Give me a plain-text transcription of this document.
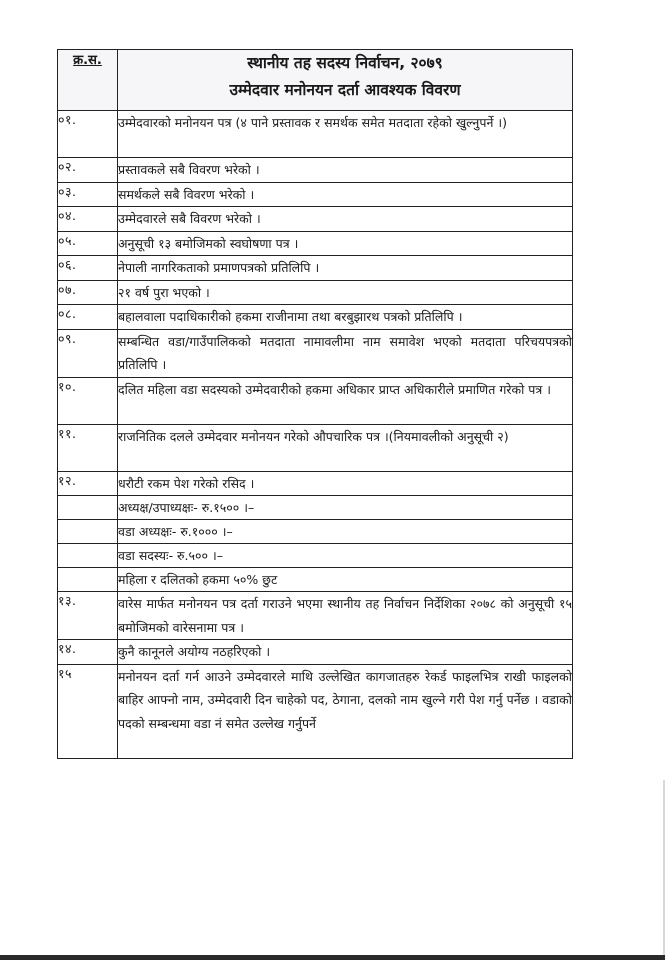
क्र.स.	स्थानीय तह सदस्य निर्वाचन, २०७९
उम्मेदवार मनोनयन दर्ता आवश्यक विवरण

०१.	उम्मेदवारको मनोनयन पत्र (४ पाने प्रस्तावक र समर्थक समेत मतदाता रहेको खुल्नुपर्ने ।)
०२.	प्रस्तावकले सबै विवरण भरेको ।
०३.	समर्थकले सबै विवरण भरेको ।
०४.	उम्मेदवारले सबै विवरण भरेको ।
०५.	अनुसूची १३ बमोजिमको स्वघोषणा पत्र ।
०६.	नेपाली नागरिकताको प्रमाणपत्रको प्रतिलिपि ।
०७.	२१ वर्ष पुरा भएको ।
०८.	बहालवाला पदाधिकारीको हकमा राजीनामा तथा बरबुझारथ पत्रको प्रतिलिपि ।
०९.	सम्बन्धित वडा/गाउँपालिकको मतदाता नामावलीमा नाम समावेश भएको मतदाता परिचयपत्रको प्रतिलिपि ।
१०.	दलित महिला वडा सदस्यको उम्मेदवारीको हकमा अधिकार प्राप्त अधिकारीले प्रमाणित गरेको पत्र ।
११.	राजनितिक दलले उम्मेदवार मनोनयन गरेको औपचारिक पत्र ।(नियमावलीको अनुसूची २)
१२.	धरौटी रकम पेश गरेको रसिद ।
	अध्यक्ष/उपाध्यक्षः- रु.१५०० ।–
	वडा अध्यक्षः- रु.१००० ।–
	वडा सदस्यः- रु.५०० ।–
	महिला र दलितको हकमा ५०% छुट
१३.	वारेस मार्फत मनोनयन पत्र दर्ता गराउने भएमा स्थानीय तह निर्वाचन निर्देशिका २०७८ को अनुसूची १५ बमोजिमको वारेसनामा पत्र ।
१४.	कुनै कानूनले अयोग्य नठहरिएको ।
१५	मनोनयन दर्ता गर्न आउने उम्मेदवारले माथि उल्लेखित कागजातहरु रेकर्ड फाइलभित्र राखी फाइलको बाहिर आफ्नो नाम, उम्मेदवारी दिन चाहेको पद, ठेगाना, दलको नाम खुल्ने गरी पेश गर्नु पर्नेछ । वडाको पदको सम्बन्धमा वडा नं समेत उल्लेख गर्नुपर्ने
